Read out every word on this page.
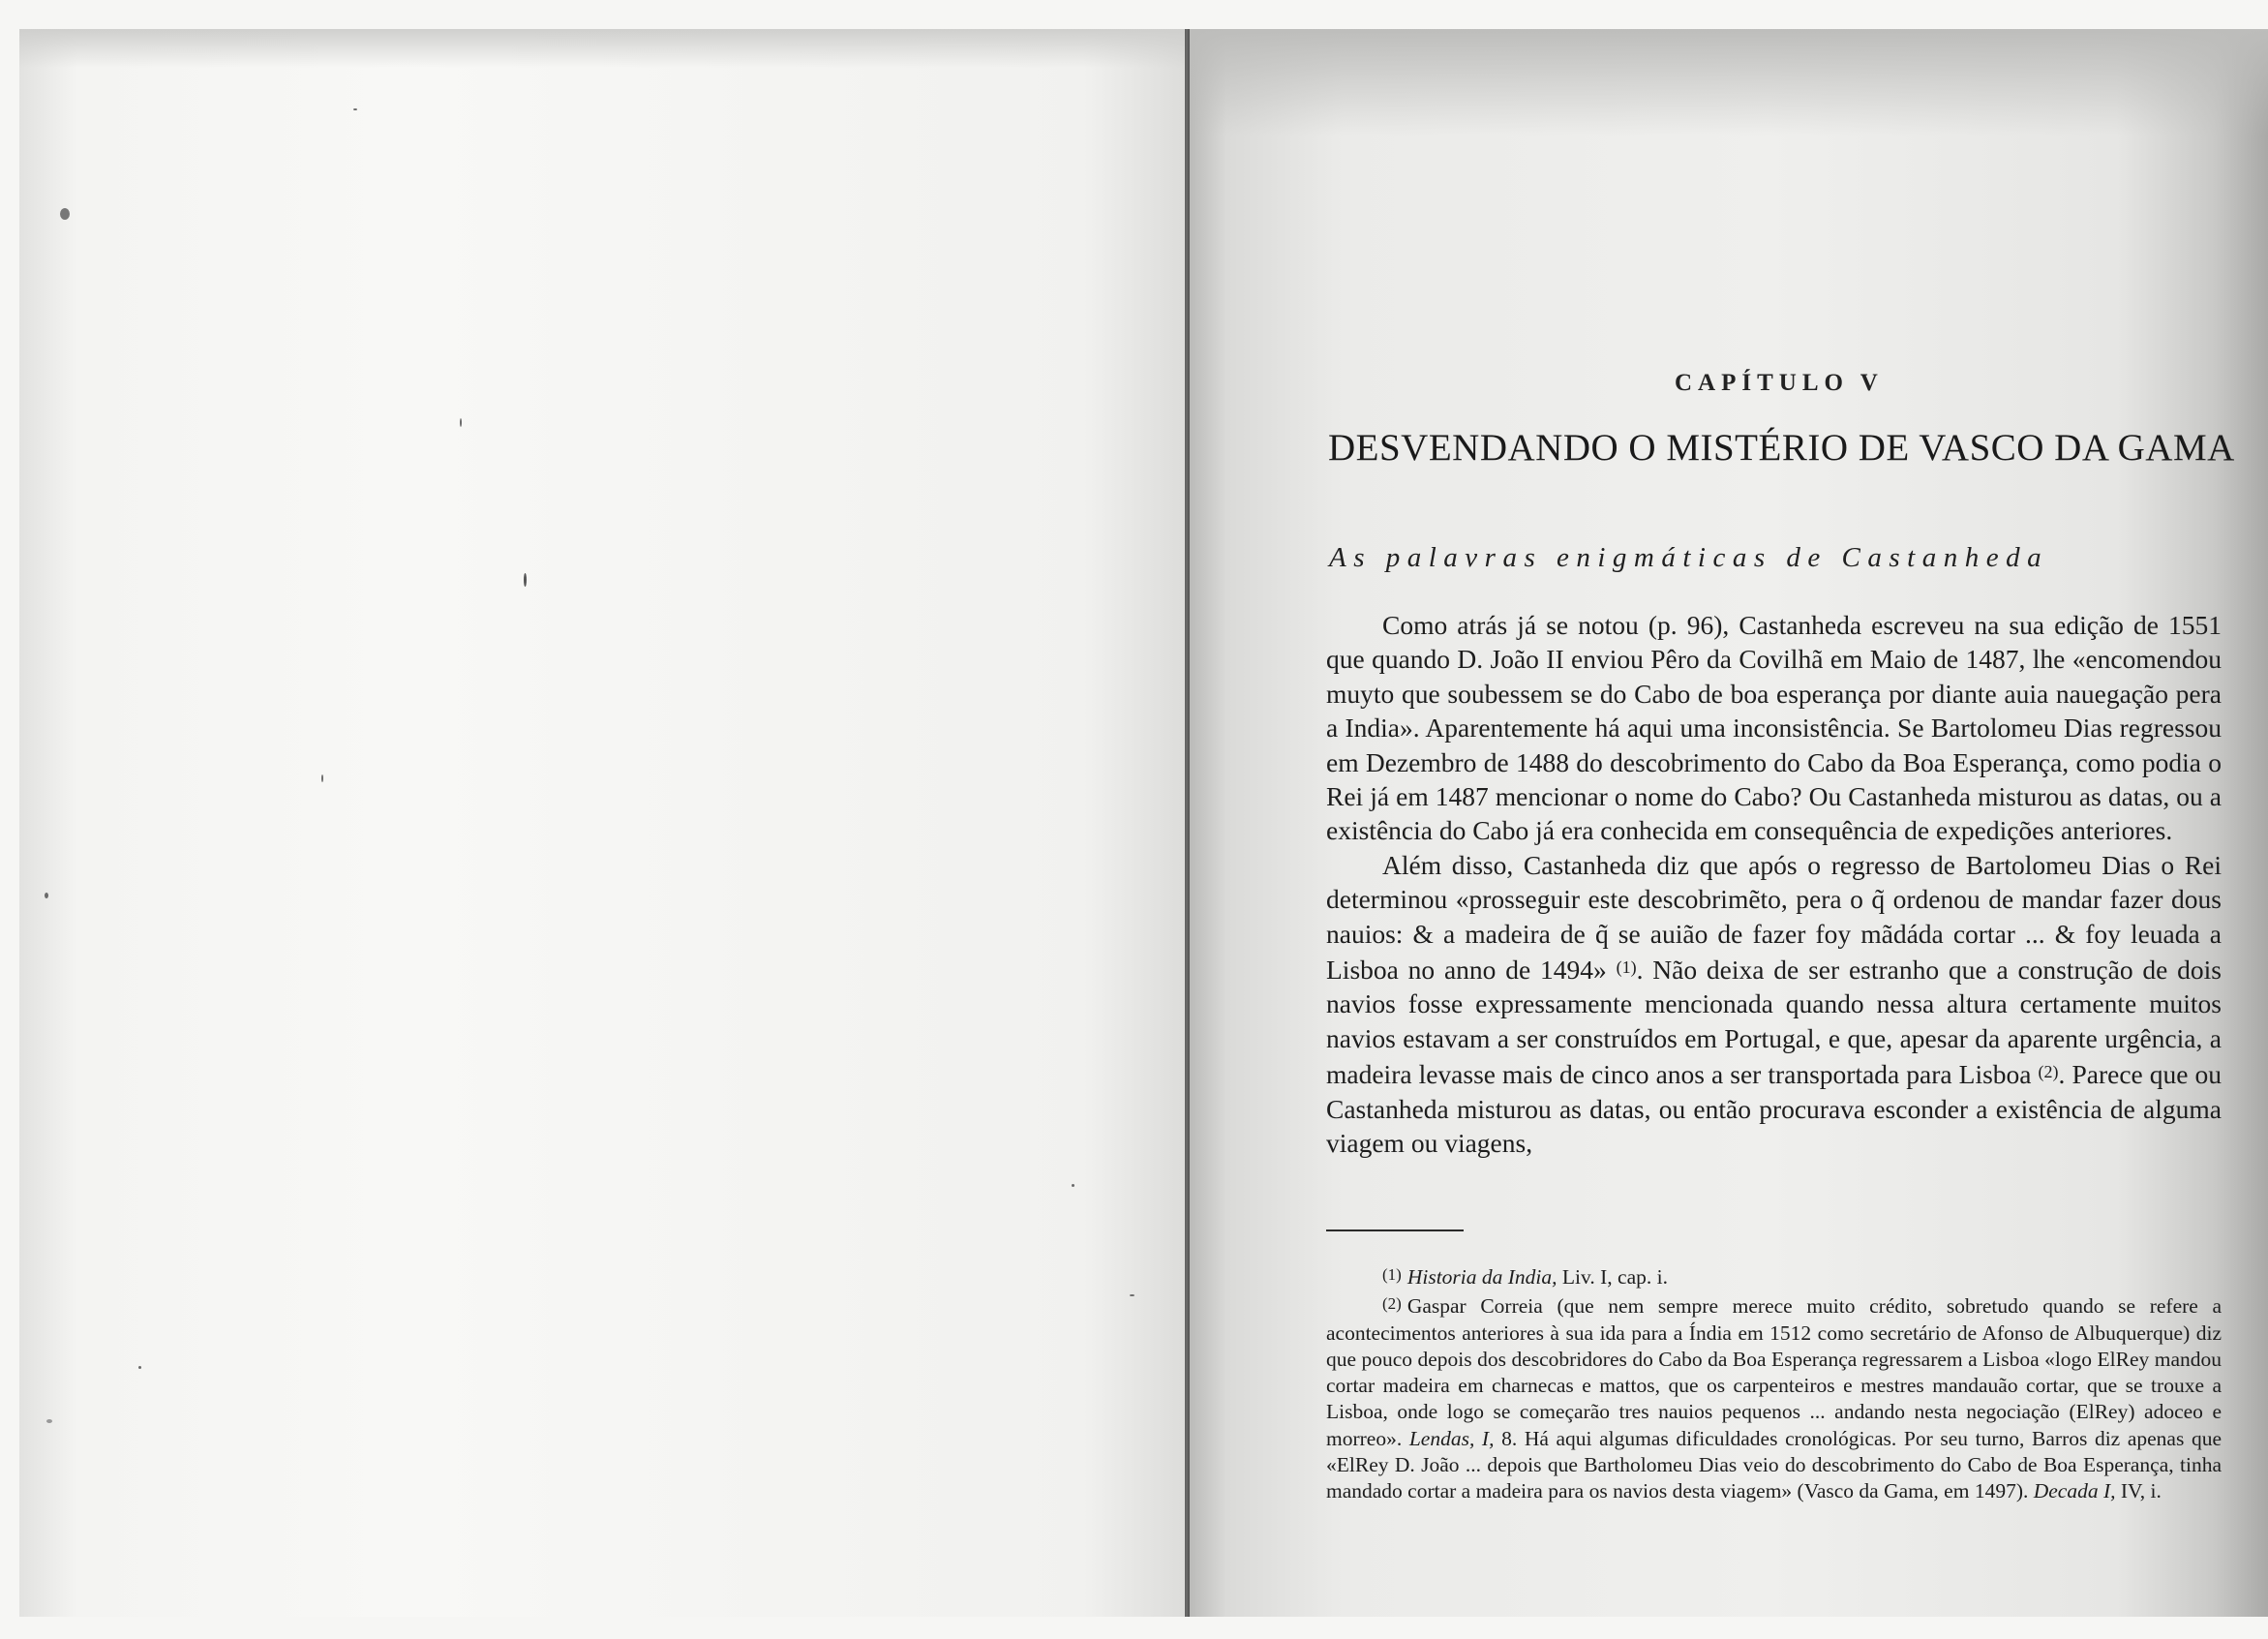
CAPÍTULO V
DESVENDANDO O MISTÉRIO DE VASCO DA GAMA
As palavras enigmáticas de Castanheda

Como atrás já se notou (p. 96), Castanheda escreveu na sua edição de 1551 que quando D. João II enviou Pêro da Covilhã em Maio de 1487, lhe «encomendou muyto que soubessem se do Cabo de boa esperança por diante auia nauegação pera a India». Aparentemente há aqui uma inconsistência. Se Bartolomeu Dias regressou em Dezembro de 1488 do descobrimento do Cabo da Boa Esperança, como podia o Rei já em 1487 mencionar o nome do Cabo? Ou Castanheda misturou as datas, ou a existência do Cabo já era conhecida em consequência de expedições anteriores.

Além disso, Castanheda diz que após o regresso de Bartolomeu Dias o Rei determinou «prosseguir este descobrimẽto, pera o q̃ ordenou de mandar fazer dous nauios: & a madeira de q̃ se auião de fazer foy mãdáda cortar ... & foy leuada a Lisboa no anno de 1494» $^{(1)}$. Não deixa de ser estranho que a construção de dois navios fosse expressamente mencionada quando nessa altura certamente muitos navios estavam a ser construídos em Portugal, e que, apesar da aparente urgência, a madeira levasse mais de cinco anos a ser transportada para Lisboa $^{(2)}$. Parece que ou Castanheda misturou as datas, ou então procurava esconder a existência de alguma viagem ou viagens,

(1) Historia da India, Liv. I, cap. i.

(2) Gaspar Correia (que nem sempre merece muito crédito, sobretudo quando se refere a acontecimentos anteriores à sua ida para a Índia em 1512 como secretário de Afonso de Albuquerque) diz que pouco depois dos descobridores do Cabo da Boa Esperança regressarem a Lisboa «logo ElRey mandou cortar madeira em charnecas e mattos, que os carpenteiros e mestres mandauão cortar, que se trouxe a Lisboa, onde logo se começarão tres nauios pequenos ... andando nesta negociação (ElRey) adoceo e morreo». Lendas, I, 8. Há aqui algumas dificuldades cronológicas. Por seu turno, Barros diz apenas que «ElRey D. João ... depois que Bartholomeu Dias veio do descobrimento do Cabo de Boa Esperança, tinha mandado cortar a madeira para os navios desta viagem» (Vasco da Gama, em 1497). Decada I, IV, i.
